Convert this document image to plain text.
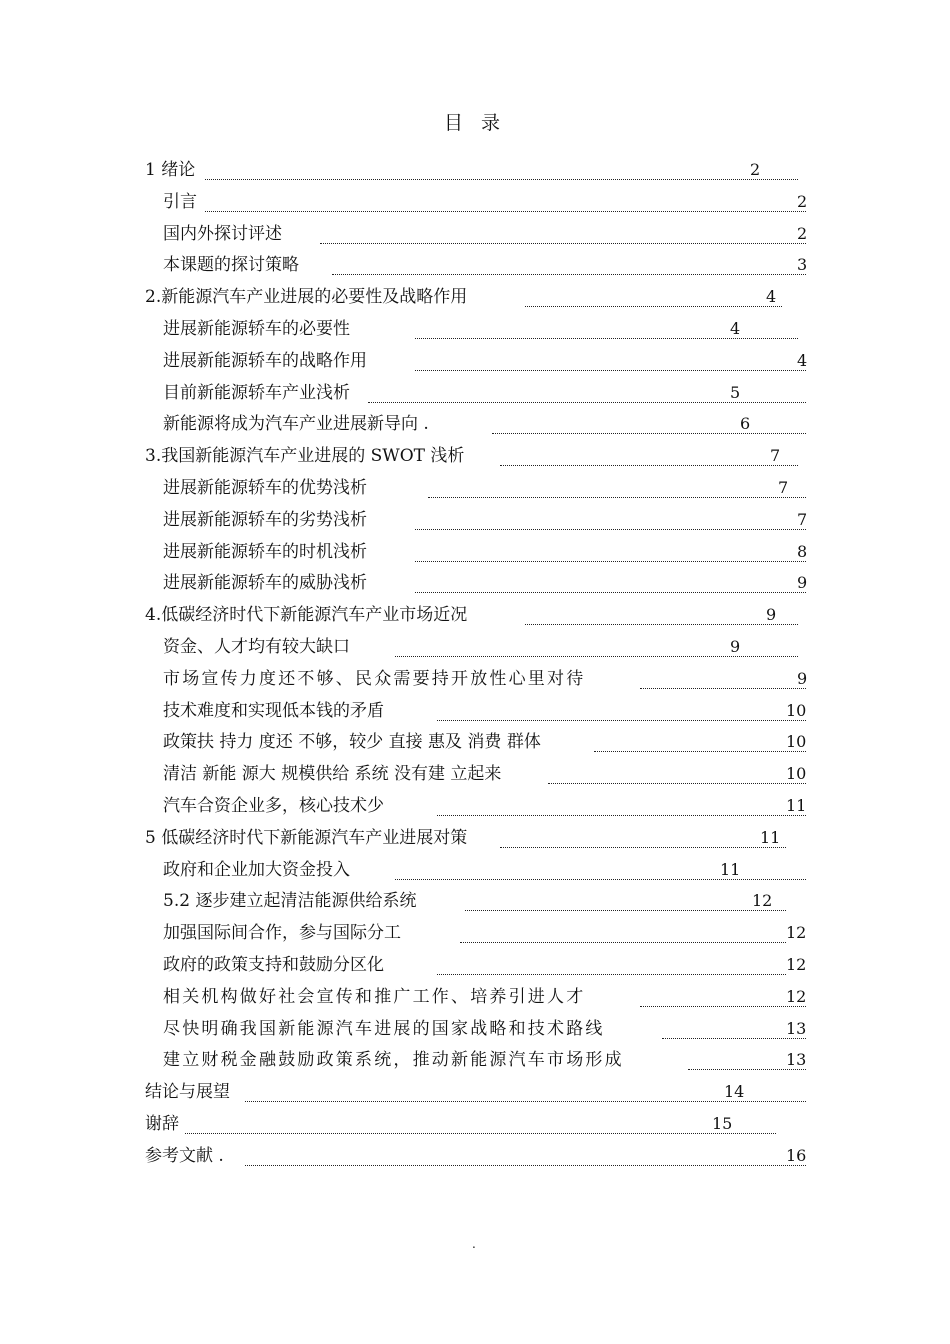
目 录
1 绪论	2
引言	2
国内外探讨评述	2
本课题的探讨策略	3
2.新能源汽车产业进展的必要性及战略作用	4
进展新能源轿车的必要性	4
进展新能源轿车的战略作用	4
目前新能源轿车产业浅析	5
新能源将成为汽车产业进展新导向 .	6
3.我国新能源汽车产业进展的 SWOT 浅析	7
进展新能源轿车的优势浅析	7
进展新能源轿车的劣势浅析	7
进展新能源轿车的时机浅析	8
进展新能源轿车的威胁浅析	9
4.低碳经济时代下新能源汽车产业市场近况	9
资金、人才均有较大缺口	9
市场宣传力度还不够、民众需要持开放性心里对待	9
技术难度和实现低本钱的矛盾	10
政策扶 持力 度还 不够，较少 直接 惠及 消费 群体	10
清洁 新能 源大 规模供给 系统 没有建 立起来	10
汽车合资企业多，核心技术少	11
5 低碳经济时代下新能源汽车产业进展对策	11
政府和企业加大资金投入	11
5.2 逐步建立起清洁能源供给系统	12
加强国际间合作，参与国际分工	12
政府的政策支持和鼓励分区化	12
相关机构做好社会宣传和推广工作、培养引进人才	12
尽快明确我国新能源汽车进展的国家战略和技术路线	13
建立财税金融鼓励政策系统，推动新能源汽车市场形成	13
结论与展望	14
谢辞	15
参考文献 .	16
.
